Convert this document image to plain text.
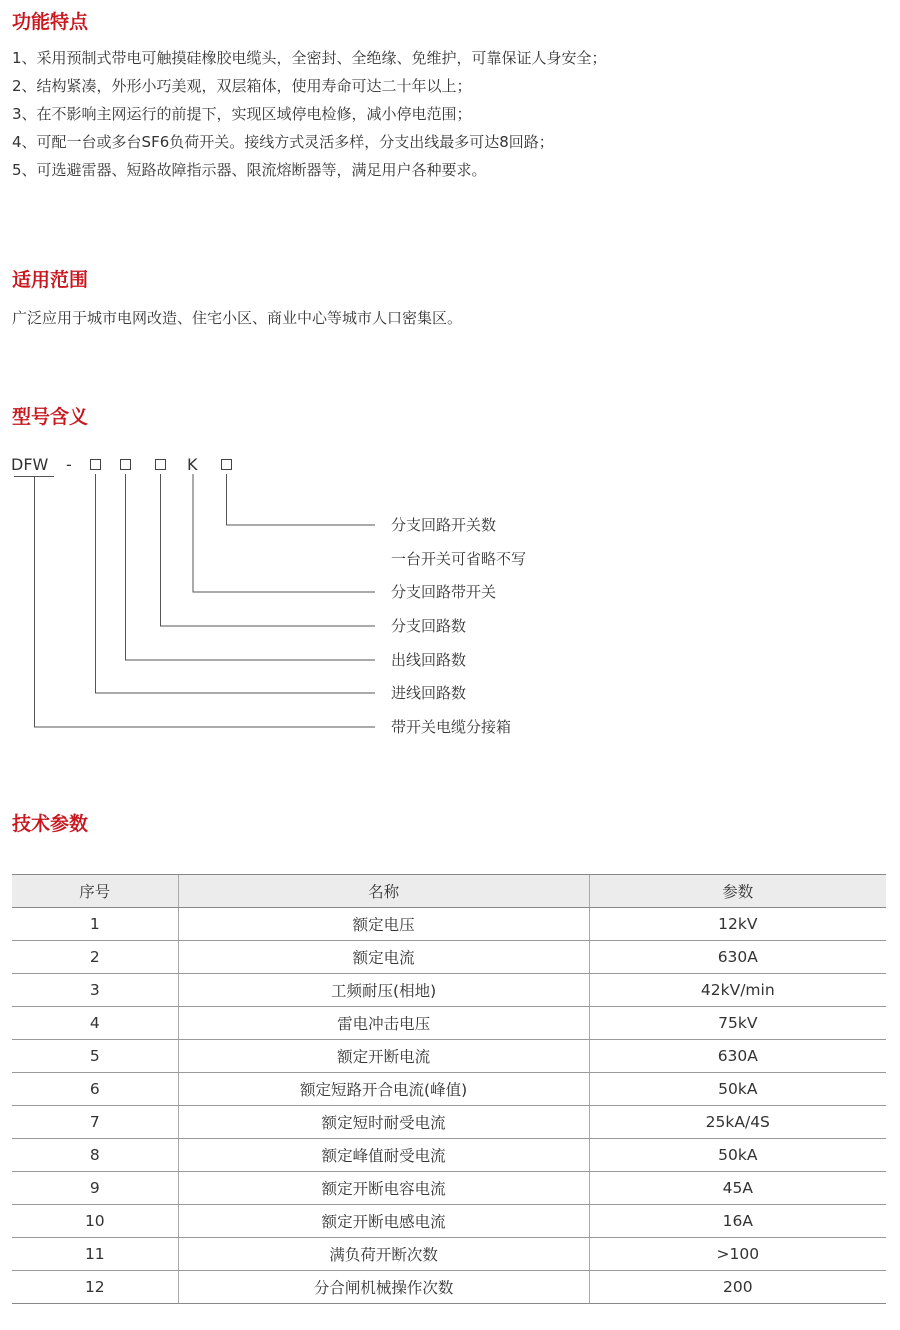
功能特点
1、采用预制式带电可触摸硅橡胶电缆头，全密封、全绝缘、免维护，可靠保证人身安全；
2、结构紧凑，外形小巧美观，双层箱体，使用寿命可达二十年以上；
3、在不影响主网运行的前提下，实现区域停电检修，减小停电范围；
4、可配一台或多台SF6负荷开关。接线方式灵活多样，分支出线最多可达8回路；
5、可选避雷器、短路故障指示器、限流熔断器等，满足用户各种要求。
适用范围

广泛应用于城市电网改造、住宅小区、商业中心等城市人口密集区。

型号含义
DFW -	K
分支回路开关数
一台开关可省略不写
分支回路带开关
分支回路数
出线回路数
进线回路数
带开关电缆分接箱
技术参数
序号	名称	参数
1	额定电压	12kV
2	额定电流	630A
3	工频耐压(相地)	42kV/min
4	雷电冲击电压	75kV
5	额定开断电流	630A
6	额定短路开合电流(峰值)	50kA
7	额定短时耐受电流	25kA/4S
8	额定峰值耐受电流	50kA
9	额定开断电容电流	45A
10	额定开断电感电流	16A
11	满负荷开断次数	>100
12	分合闸机械操作次数	200
